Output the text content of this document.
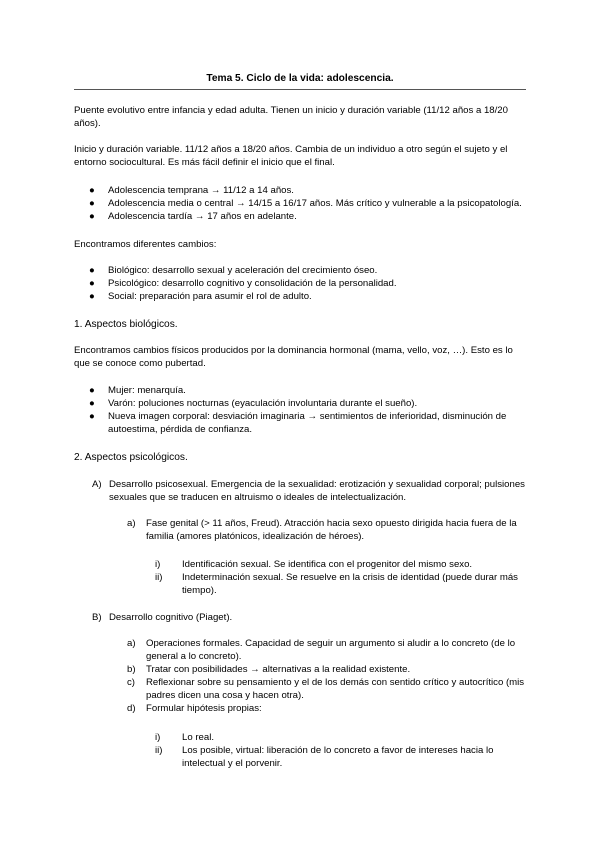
Tema 5. Ciclo de la vida: adolescencia.

Puente evolutivo entre infancia y edad adulta. Tienen un inicio y duración variable (11/12 años a 18/20 años).

Inicio y duración variable. 11/12 años a 18/20 años. Cambia de un individuo a otro según el sujeto y el entorno sociocultural. Es más fácil definir el inicio que el final.

● Adolescencia temprana → 11/12 a 14 años.
● Adolescencia media o central → 14/15 a 16/17 años. Más crítico y vulnerable a la psicopatología.
● Adolescencia tardía → 17 años en adelante.

Encontramos diferentes cambios:

● Biológico: desarrollo sexual y aceleración del crecimiento óseo.
● Psicológico: desarrollo cognitivo y consolidación de la personalidad.
● Social: preparación para asumir el rol de adulto.

1. Aspectos biológicos.

Encontramos cambios físicos producidos por la dominancia hormonal (mama, vello, voz, …). Esto es lo que se conoce como pubertad.

● Mujer: menarquía.
● Varón: poluciones nocturnas (eyaculación involuntaria durante el sueño).
● Nueva imagen corporal: desviación imaginaria → sentimientos de inferioridad, disminución de autoestima, pérdida de confianza.

2. Aspectos psicológicos.

A) Desarrollo psicosexual. Emergencia de la sexualidad: erotización y sexualidad corporal; pulsiones sexuales que se traducen en altruismo o ideales de intelectualización.
a) Fase genital (> 11 años, Freud). Atracción hacia sexo opuesto dirigida hacia fuera de la familia (amores platónicos, idealización de héroes).
i) Identificación sexual. Se identifica con el progenitor del mismo sexo.
ii) Indeterminación sexual. Se resuelve en la crisis de identidad (puede durar más tiempo).
B) Desarrollo cognitivo (Piaget).
a) Operaciones formales. Capacidad de seguir un argumento si aludir a lo concreto (de lo general a lo concreto).
b) Tratar con posibilidades → alternativas a la realidad existente.
c) Reflexionar sobre su pensamiento y el de los demás con sentido crítico y autocrítico (mis padres dicen una cosa y hacen otra).
d) Formular hipótesis propias:
i) Lo real.
ii) Los posible, virtual: liberación de lo concreto a favor de intereses hacia lo intelectual y el porvenir.
